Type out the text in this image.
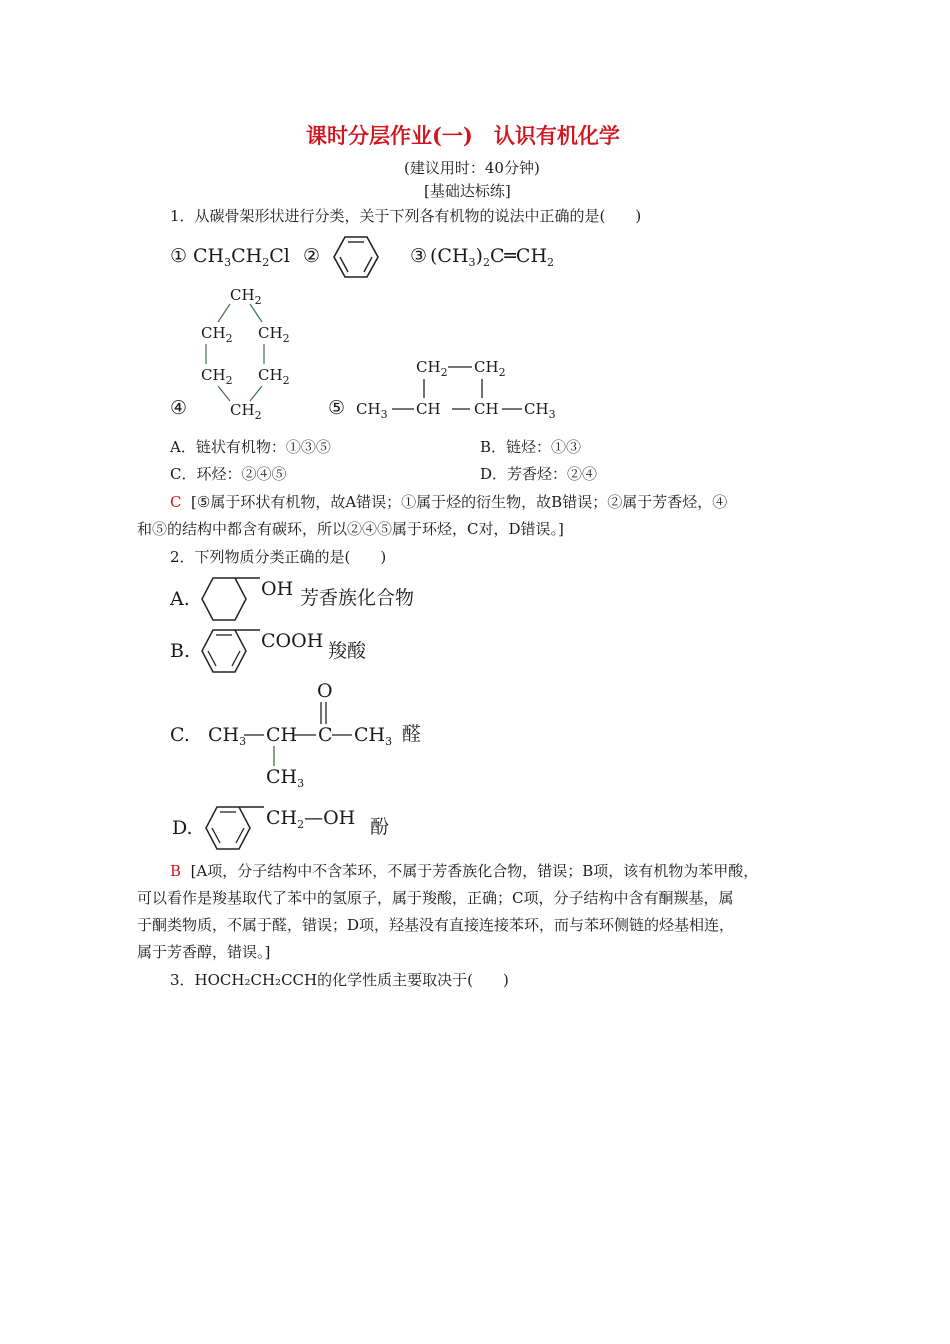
课时分层作业(一)　认识有机化学
(建议用时：40分钟)
[基础达标练]
1．从碳骨架形状进行分类，关于下列各有机物的说法中正确的是(　　)
① $CH_3CH_2Cl$ ②	③ $(CH_3)_2C═CH_2$
$CH_2$
$CH_2$ $CH_2$
$CH_2$ $CH_2$
$CH_2$
④	⑤
$CH_2$ $CH_2$
$CH_3$ CH CH $CH_3$
A．链状有机物：①③⑤	B．链烃：①③
C．环烃：②④⑤	D．芳香烃：②④
C [⑤属于环状有机物，故A错误；①属于烃的衍生物，故B错误；②属于芳香烃，④
和⑤的结构中都含有碳环，所以②④⑤属于环烃，C对，D错误。]
2．下列物质分类正确的是(　　)
A.	OH 芳香族化合物
B.	COOH 羧酸
C.
O
$CH_3$ CH C $CH_3$
$CH_3$
醛
D.	$CH_2—OH$ 酚
B [A项，分子结构中不含苯环，不属于芳香族化合物，错误；B项，该有机物为苯甲酸，
可以看作是羧基取代了苯中的氢原子，属于羧酸，正确；C项，分子结构中含有酮羰基，属
于酮类物质，不属于醛，错误；D项，羟基没有直接连接苯环，而与苯环侧链的烃基相连，
属于芳香醇，错误。]
3．HOCH₂CH₂CCH的化学性质主要取决于(　　)
